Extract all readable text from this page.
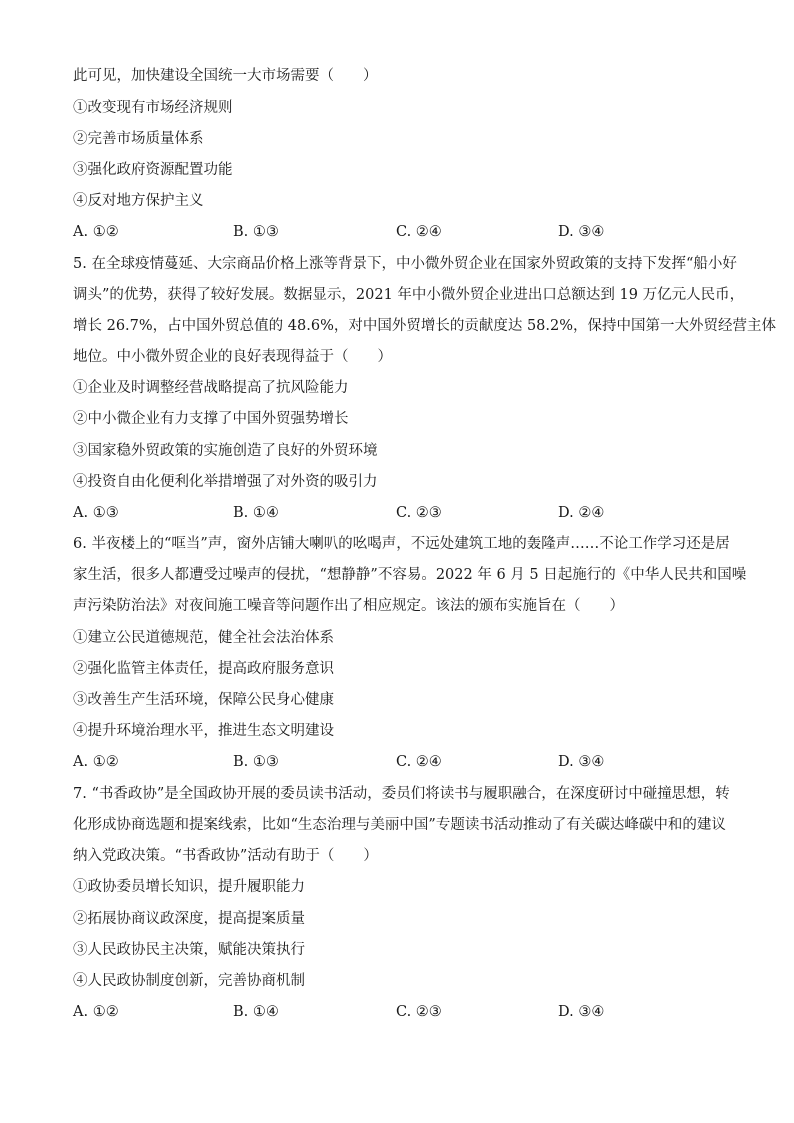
此可见，加快建设全国统一大市场需要（　　）
①改变现有市场经济规则
②完善市场质量体系
③强化政府资源配置功能
④反对地方保护主义
A. ①②	B. ①③	C. ②④	D. ③④
5. 在全球疫情蔓延、大宗商品价格上涨等背景下，中小微外贸企业在国家外贸政策的支持下发挥“船小好
调头”的优势，获得了较好发展。数据显示，2021 年中小微外贸企业进出口总额达到 19 万亿元人民币，
增长 26.7%，占中国外贸总值的 48.6%，对中国外贸增长的贡献度达 58.2%，保持中国第一大外贸经营主体
地位。中小微外贸企业的良好表现得益于（　　）
①企业及时调整经营战略提高了抗风险能力
②中小微企业有力支撑了中国外贸强势增长
③国家稳外贸政策的实施创造了良好的外贸环境
④投资自由化便利化举措增强了对外资的吸引力
A. ①③	B. ①④	C. ②③	D. ②④
6. 半夜楼上的“哐当”声，窗外店铺大喇叭的吆喝声，不远处建筑工地的轰隆声……不论工作学习还是居
家生活，很多人都遭受过噪声的侵扰，“想静静”不容易。2022 年 6 月 5 日起施行的《中华人民共和国噪
声污染防治法》对夜间施工噪音等问题作出了相应规定。该法的颁布实施旨在（　　）
①建立公民道德规范，健全社会法治体系
②强化监管主体责任，提高政府服务意识
③改善生产生活环境，保障公民身心健康
④提升环境治理水平，推进生态文明建设
A. ①②	B. ①③	C. ②④	D. ③④
7. “书香政协”是全国政协开展的委员读书活动，委员们将读书与履职融合，在深度研讨中碰撞思想，转
化形成协商选题和提案线索，比如“生态治理与美丽中国”专题读书活动推动了有关碳达峰碳中和的建议
纳入党政决策。“书香政协”活动有助于（　　）
①政协委员增长知识，提升履职能力
②拓展协商议政深度，提高提案质量
③人民政协民主决策，赋能决策执行
④人民政协制度创新，完善协商机制
A. ①②	B. ①④	C. ②③	D. ③④
